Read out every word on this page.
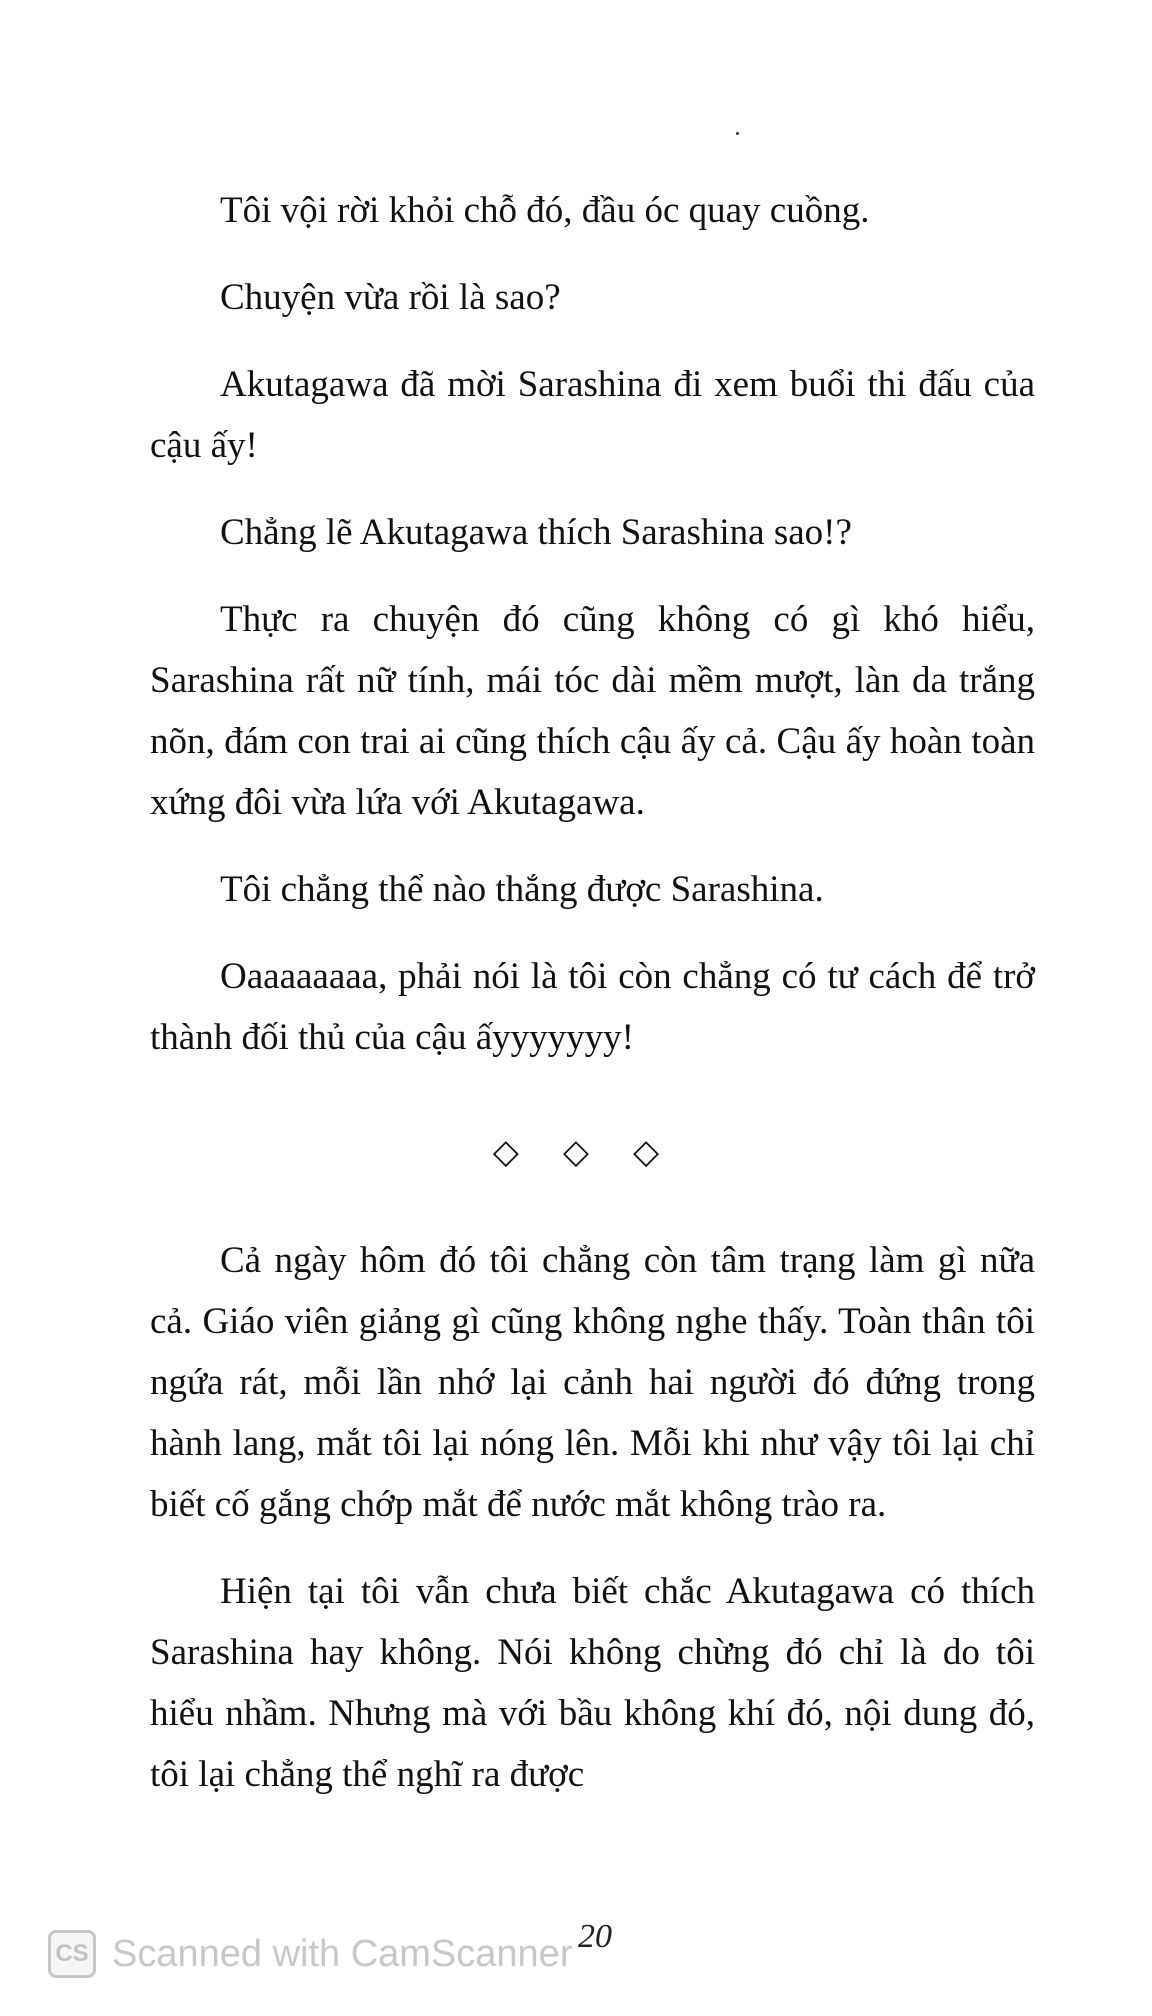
Tôi vội rời khỏi chỗ đó, đầu óc quay cuồng.

Chuyện vừa rồi là sao?

Akutagawa đã mời Sarashina đi xem buổi thi đấu của cậu ấy!

Chẳng lẽ Akutagawa thích Sarashina sao!?

Thực ra chuyện đó cũng không có gì khó hiểu, Sarashina rất nữ tính, mái tóc dài mềm mượt, làn da trắng nõn, đám con trai ai cũng thích cậu ấy cả. Cậu ấy hoàn toàn xứng đôi vừa lứa với Akutagawa.

Tôi chẳng thể nào thắng được Sarashina.

Oaaaaaaaa, phải nói là tôi còn chẳng có tư cách để trở thành đối thủ của cậu ấyyyyyyy!

◇◇◇

Cả ngày hôm đó tôi chẳng còn tâm trạng làm gì nữa cả. Giáo viên giảng gì cũng không nghe thấy. Toàn thân tôi ngứa rát, mỗi lần nhớ lại cảnh hai người đó đứng trong hành lang, mắt tôi lại nóng lên. Mỗi khi như vậy tôi lại chỉ biết cố gắng chớp mắt để nước mắt không trào ra.

Hiện tại tôi vẫn chưa biết chắc Akutagawa có thích Sarashina hay không. Nói không chừng đó chỉ là do tôi hiểu nhầm. Nhưng mà với bầu không khí đó, nội dung đó, tôi lại chẳng thể nghĩ ra được

20
CS Scanned with CamScanner
